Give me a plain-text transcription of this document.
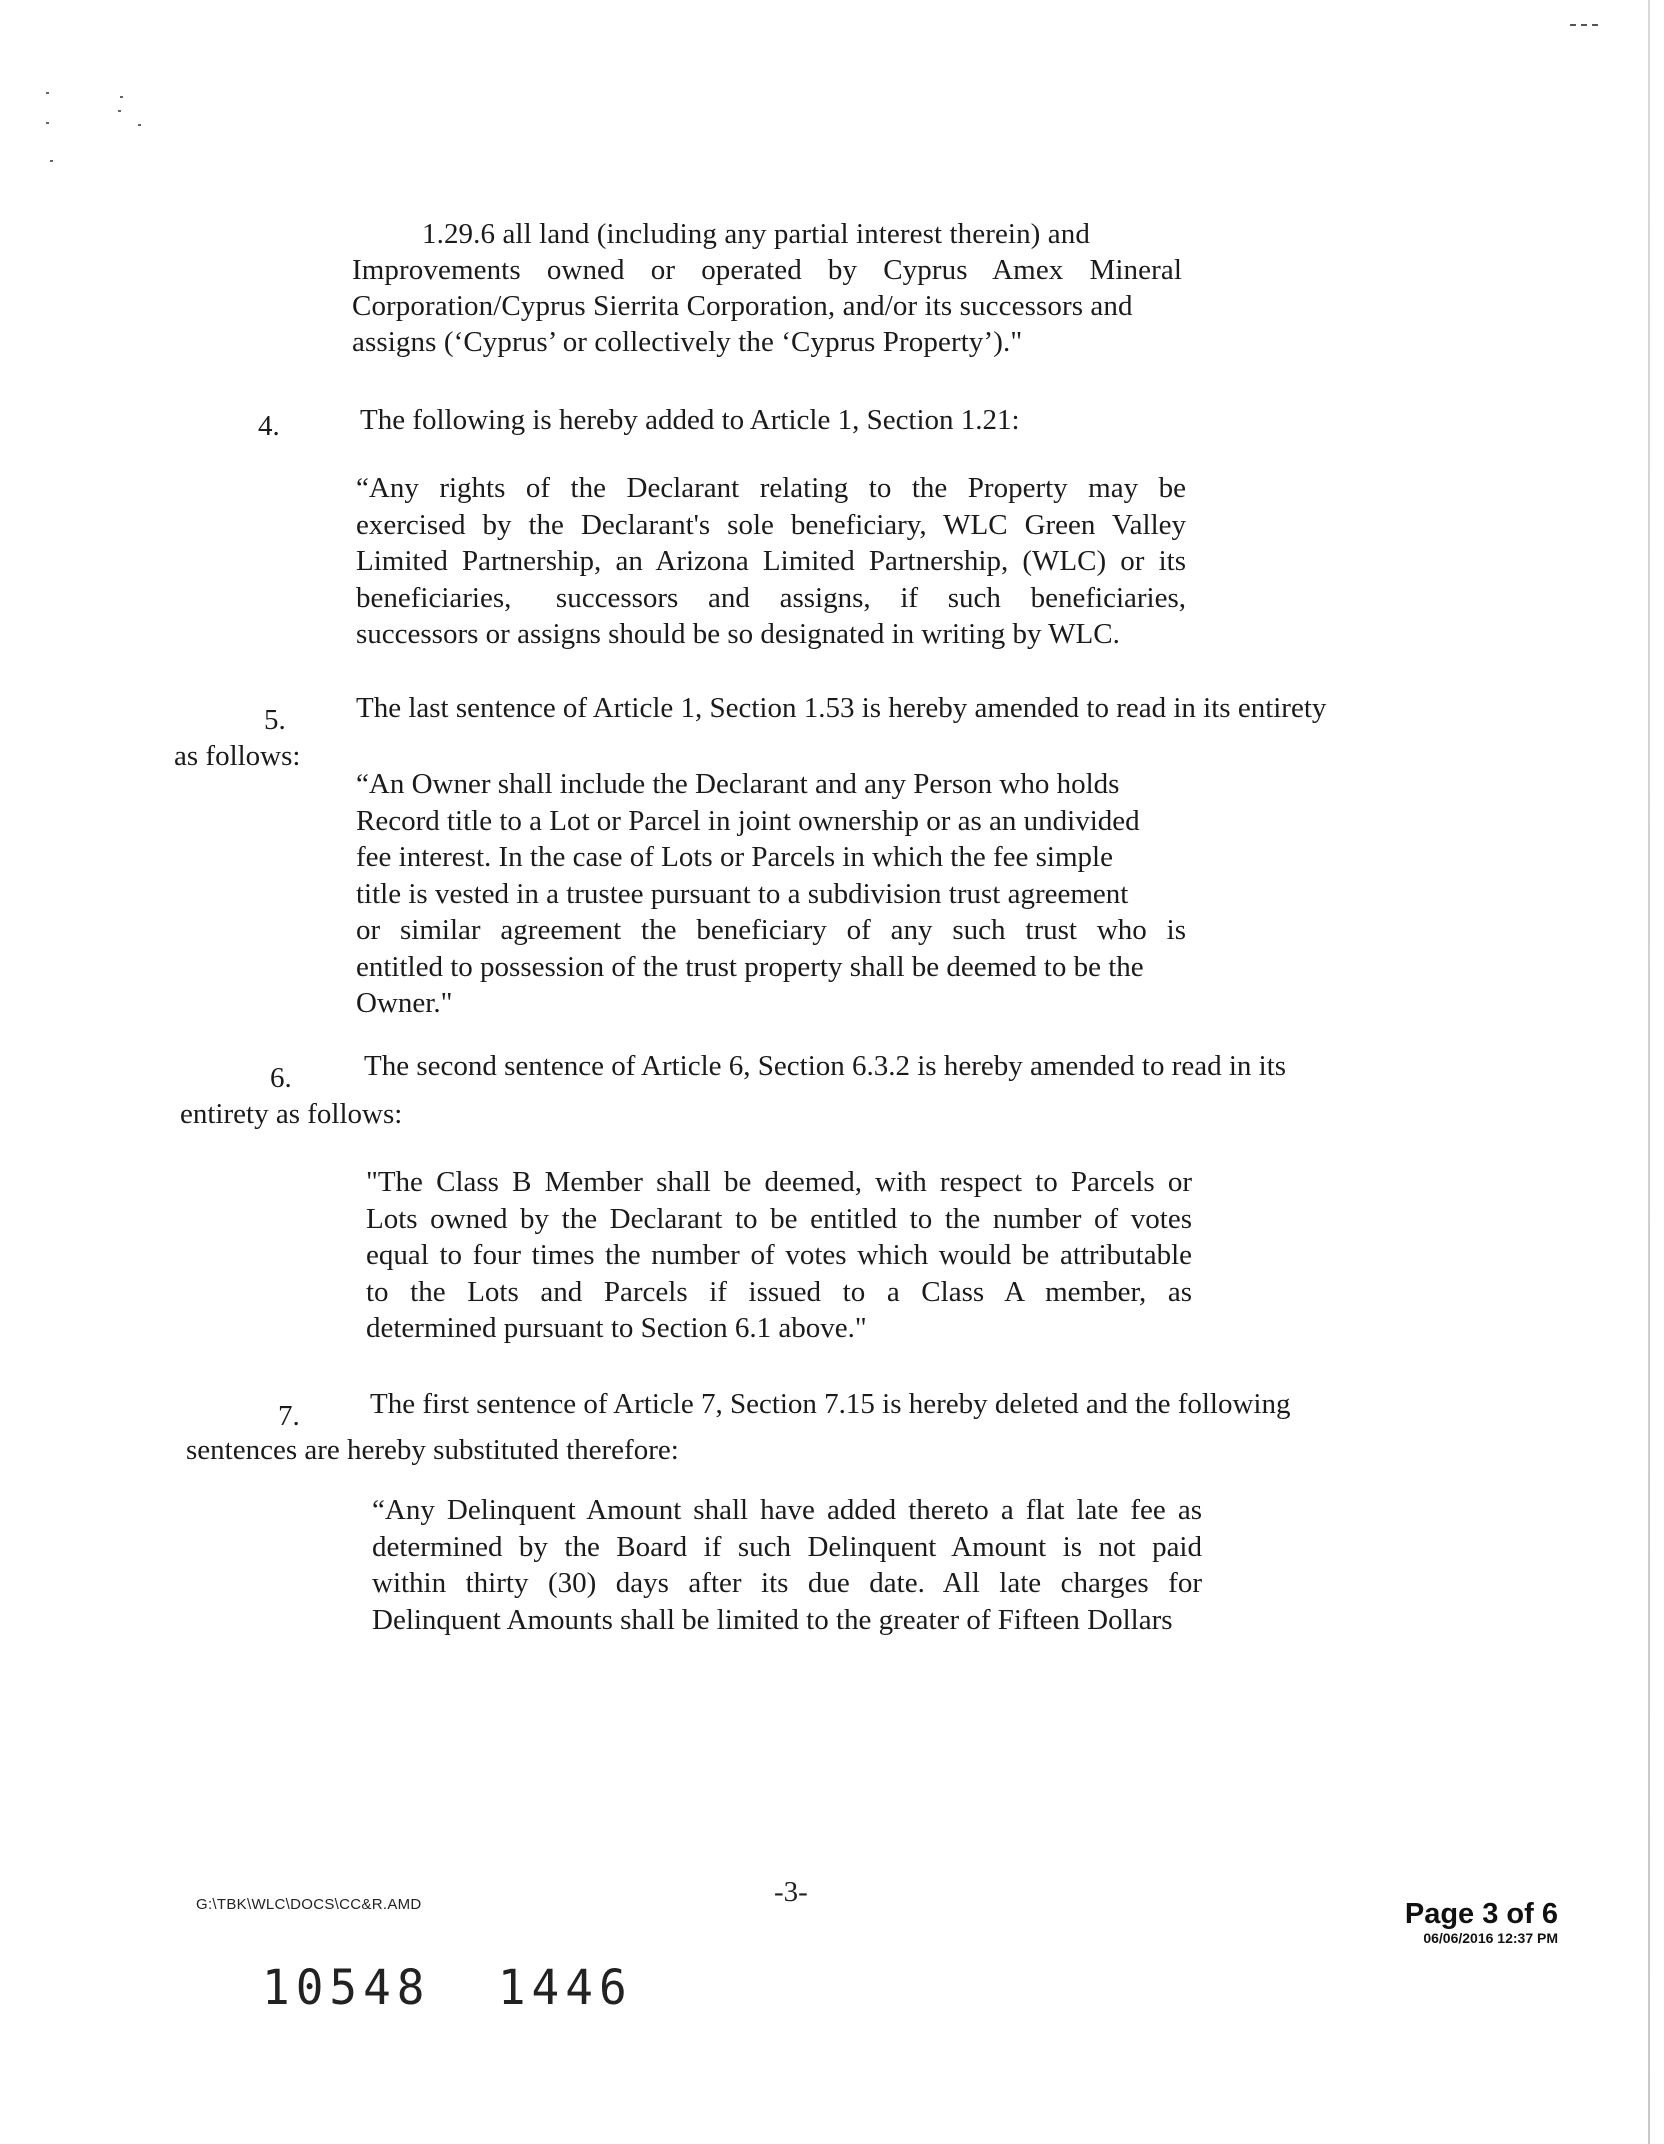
1.29.6 all land (including any partial interest therein) and
Improvements owned or operated by Cyprus Amex Mineral
Corporation/Cyprus Sierrita Corporation, and/or its successors and
assigns (‘Cyprus’ or collectively the ‘Cyprus Property’)."
4.	The following is hereby added to Article 1, Section 1.21:
“Any rights of the Declarant relating to the Property may be
exercised by the Declarant's sole beneficiary, WLC Green Valley
Limited Partnership, an Arizona Limited Partnership, (WLC) or its
beneficiaries,   successors  and  assigns,  if  such  beneficiaries,
successors or assigns should be so designated in writing by WLC.
5. The last sentence of Article 1, Section 1.53 is hereby amended to read in its entirety
as follows:
“An Owner shall include the Declarant and any Person who holds
Record title to a Lot or Parcel in joint ownership or as an undivided
fee interest. In the case of Lots or Parcels in which the fee simple
title is vested in a trustee pursuant to a subdivision trust agreement
or similar agreement the beneficiary of any such trust who is
entitled to possession of the trust property shall be deemed to be the
Owner."
6. The second sentence of Article 6, Section 6.3.2 is hereby amended to read in its
entirety as follows:
"The Class B Member shall be deemed, with respect to Parcels or
Lots owned by the Declarant to be entitled to the number of votes
equal to four times the number of votes which would be attributable
to  the  Lots  and  Parcels  if  issued  to  a  Class  A  member,  as
determined pursuant to Section 6.1 above."
7. The first sentence of Article 7, Section 7.15 is hereby deleted and the following
sentences are hereby substituted therefore:
“Any Delinquent Amount shall have added thereto a flat late fee as
determined by the Board if such Delinquent Amount is not paid
within thirty (30) days after its due date. All late charges for
Delinquent Amounts shall be limited to the greater of Fifteen Dollars
G:\TBK\WLC\DOCS\CC&R.AMD	-3-
Page 3 of 6
06/06/2016 12:37 PM
10548  1446
